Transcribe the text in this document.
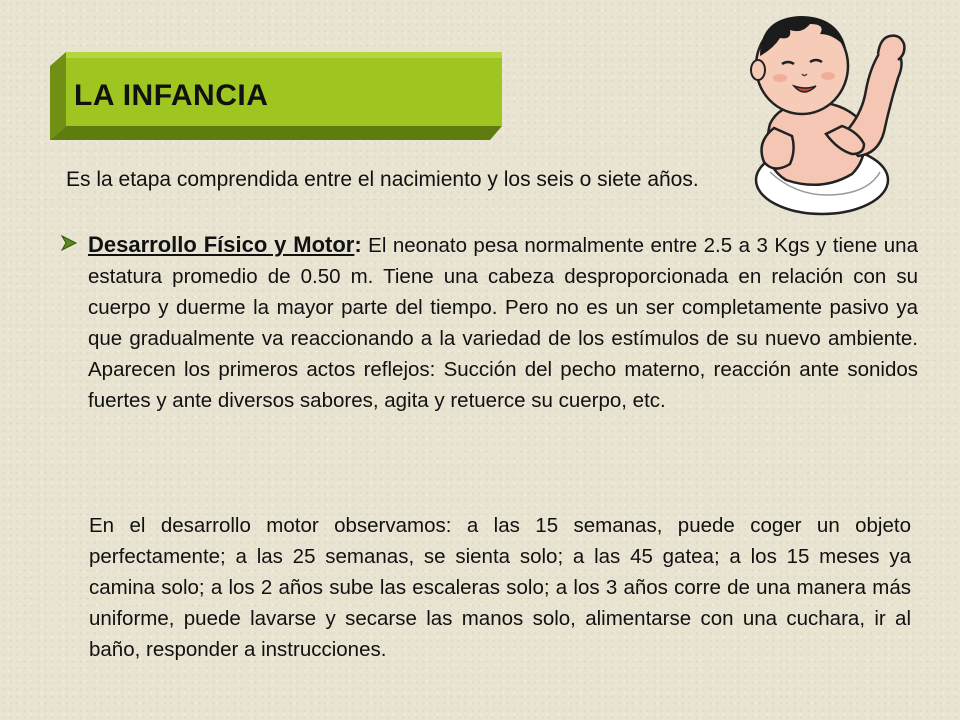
LA INFANCIA
Es la etapa comprendida entre el nacimiento y los seis o siete años.
Desarrollo Físico y Motor: El neonato pesa normalmente entre 2.5 a 3 Kgs y tiene una estatura promedio de 0.50 m. Tiene una cabeza desproporcionada en relación con su cuerpo y duerme la mayor parte del tiempo. Pero no es un ser completamente pasivo ya que gradualmente va reaccionando a la variedad de los estímulos de su nuevo ambiente. Aparecen los primeros actos reflejos: Succión del pecho materno, reacción ante sonidos fuertes y ante diversos sabores, agita y retuerce su cuerpo, etc.
En el desarrollo motor observamos: a las 15 semanas, puede coger un objeto perfectamente; a las 25 semanas, se sienta solo; a las 45 gatea; a los 15 meses ya camina solo; a los 2 años sube las escaleras solo; a los 3 años corre de una manera más uniforme, puede lavarse y secarse las manos solo, alimentarse con una cuchara, ir al baño, responder a instrucciones.
